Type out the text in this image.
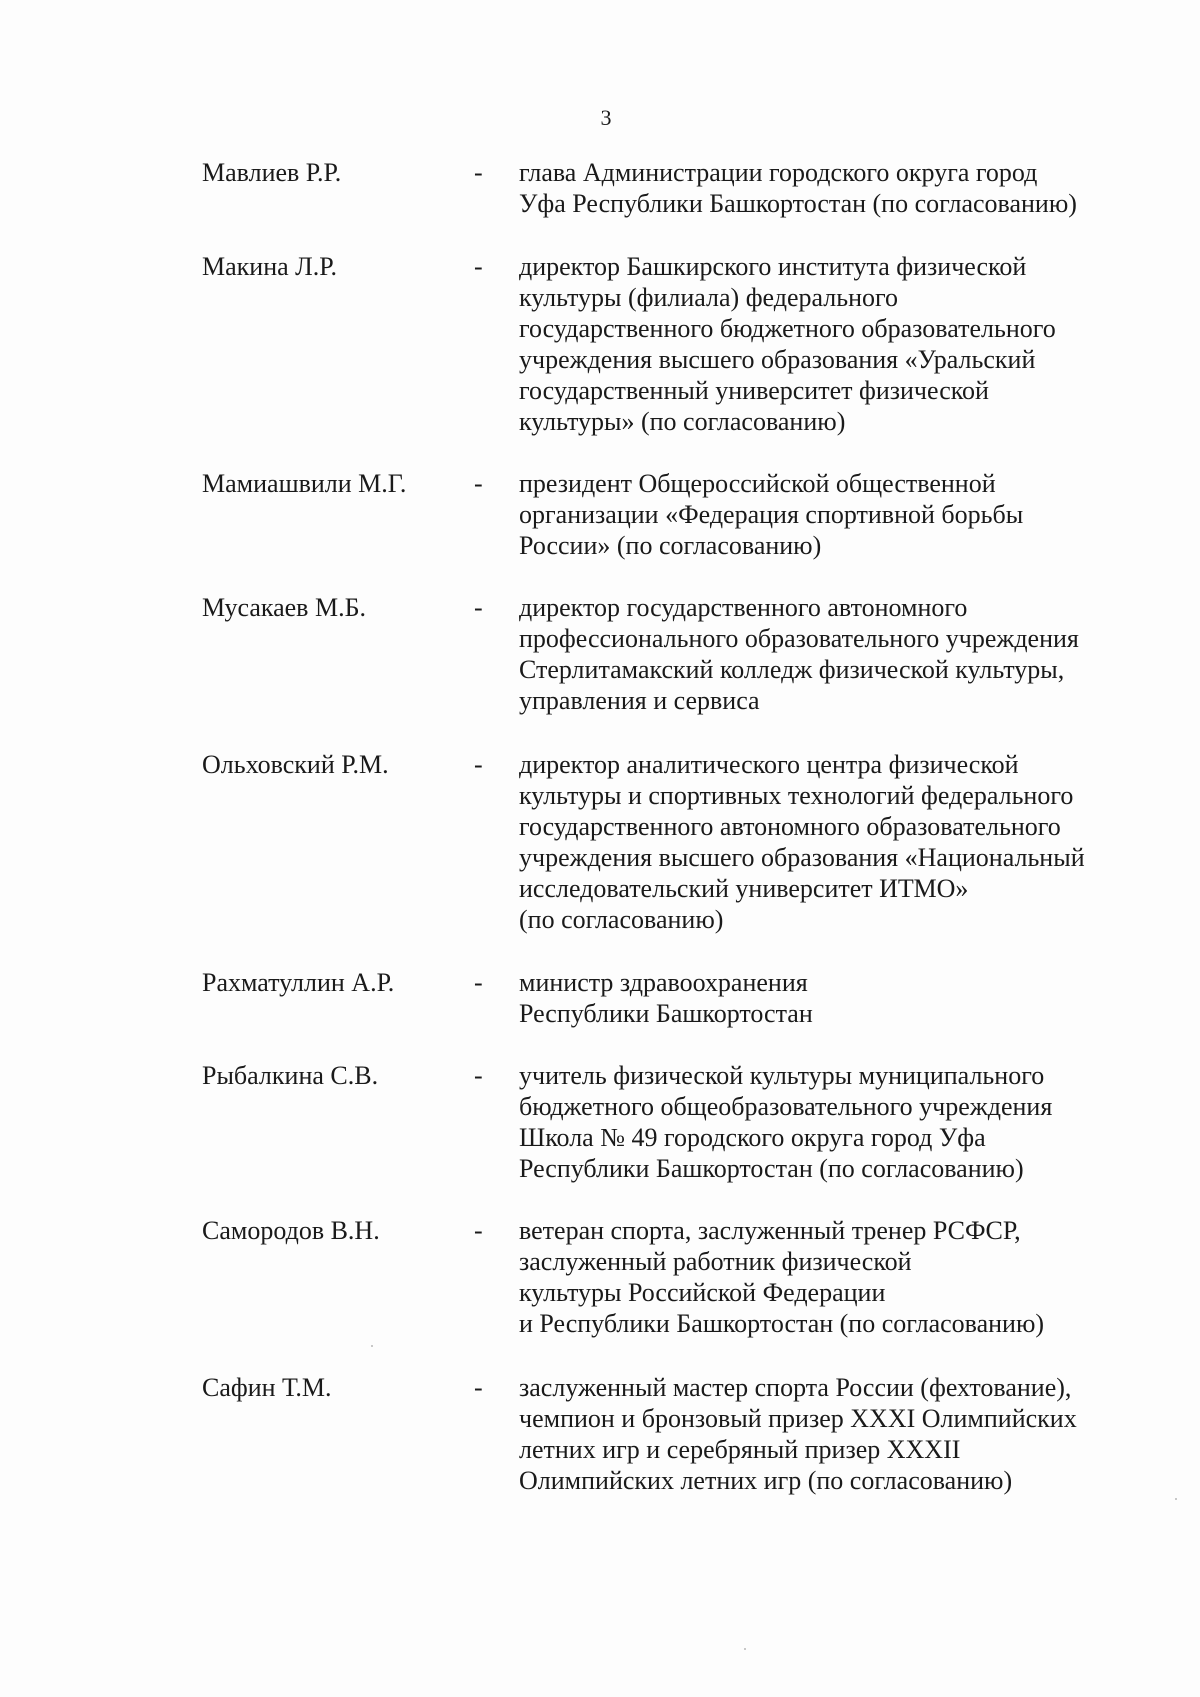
3
Мавлиев Р.Р.	- глава Администрации городского округа город
Уфа Республики Башкортостан (по согласованию)
Макина Л.Р.	- директор Башкирского института физической
культуры (филиала) федерального
государственного бюджетного образовательного
учреждения высшего образования «Уральский
государственный университет физической
культуры» (по согласованию)
Мамиашвили М.Г.	- президент Общероссийской общественной
организации «Федерация спортивной борьбы
России» (по согласованию)
Мусакаев М.Б.	- директор государственного автономного
профессионального образовательного учреждения
Стерлитамакский колледж физической культуры,
управления и сервиса
Ольховский Р.М.	- директор аналитического центра физической
культуры и спортивных технологий федерального
государственного автономного образовательного
учреждения высшего образования «Национальный
исследовательский университет ИТМО»
(по согласованию)
Рахматуллин А.Р.	- министр здравоохранения
Республики Башкортостан
Рыбалкина С.В.	- учитель физической культуры муниципального
бюджетного общеобразовательного учреждения
Школа № 49 городского округа город Уфа
Республики Башкортостан (по согласованию)
Самородов В.Н.	- ветеран спорта, заслуженный тренер РСФСР,
заслуженный работник физической
культуры Российской Федерации
и Республики Башкортостан (по согласованию)
Сафин Т.М.	- заслуженный мастер спорта России (фехтование),
чемпион и бронзовый призер XXXI Олимпийских
летних игр и серебряный призер XXXII
Олимпийских летних игр (по согласованию)
